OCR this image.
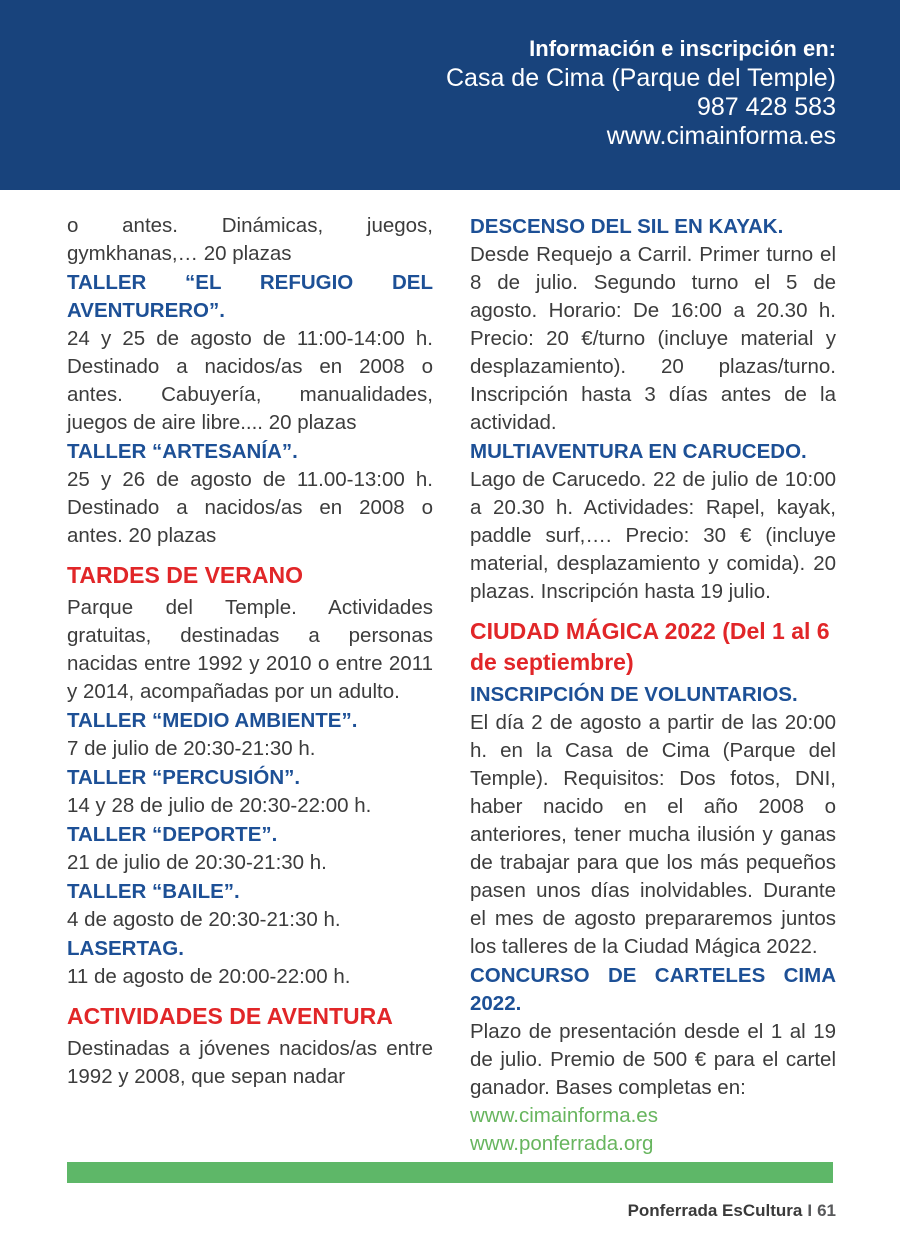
Información e inscripción en:
Casa de Cima (Parque del Temple)
987 428 583
www.cimainforma.es

o antes. Dinámicas, juegos, gymkhanas,… 20 plazas

TALLER “EL REFUGIO DEL AVENTURERO”.

24 y 25 de agosto de 11:00-14:00 h. Destinado a nacidos/as en 2008 o antes. Cabuyería, manualidades, juegos de aire libre.... 20 plazas

TALLER “ARTESANÍA”.

25 y 26 de agosto de 11.00-13:00 h. Destinado a nacidos/as en 2008 o antes. 20 plazas

TARDES DE VERANO

Parque del Temple. Actividades gratuitas, destinadas a personas nacidas entre 1992 y 2010 o entre 2011 y 2014, acompañadas por un adulto.

TALLER “MEDIO AMBIENTE”.

7 de julio de 20:30-21:30 h.

TALLER “PERCUSIÓN”.

14 y 28 de julio de 20:30-22:00 h.

TALLER “DEPORTE”.

21 de julio de 20:30-21:30 h.

TALLER “BAILE”.

4 de agosto de 20:30-21:30 h.

LASERTAG.

11 de agosto de 20:00-22:00 h.

ACTIVIDADES DE AVENTURA

Destinadas a jóvenes nacidos/as entre 1992 y 2008, que sepan nadar

DESCENSO DEL SIL EN KAYAK.

Desde Requejo a Carril. Primer turno el 8 de julio. Segundo turno el 5 de agosto. Horario: De 16:00 a 20.30 h. Precio: 20 €/turno (incluye material y desplazamiento). 20 plazas/turno. Inscripción hasta 3 días antes de la actividad.

MULTIAVENTURA EN CARUCEDO.

Lago de Carucedo. 22 de julio de 10:00 a 20.30 h. Actividades: Rapel, kayak, paddle surf,…. Precio: 30 € (incluye material, desplazamiento y comida). 20 plazas. Inscripción hasta 19 julio.

CIUDAD MÁGICA 2022 (Del 1 al 6 de septiembre)
INSCRIPCIÓN DE VOLUNTARIOS.

El día 2 de agosto a partir de las 20:00 h. en la Casa de Cima (Parque del Temple). Requisitos: Dos fotos, DNI, haber nacido en el año 2008 o anteriores, tener mucha ilusión y ganas de trabajar para que los más pequeños pasen unos días inolvidables. Durante el mes de agosto prepararemos juntos los talleres de la Ciudad Mágica 2022.

CONCURSO DE CARTELES CIMA 2022.

Plazo de presentación desde el 1 al 19 de julio. Premio de 500 € para el cartel ganador. Bases completas en:

www.cimainforma.es
www.ponferrada.org
Ponferrada EsCultura I 61
